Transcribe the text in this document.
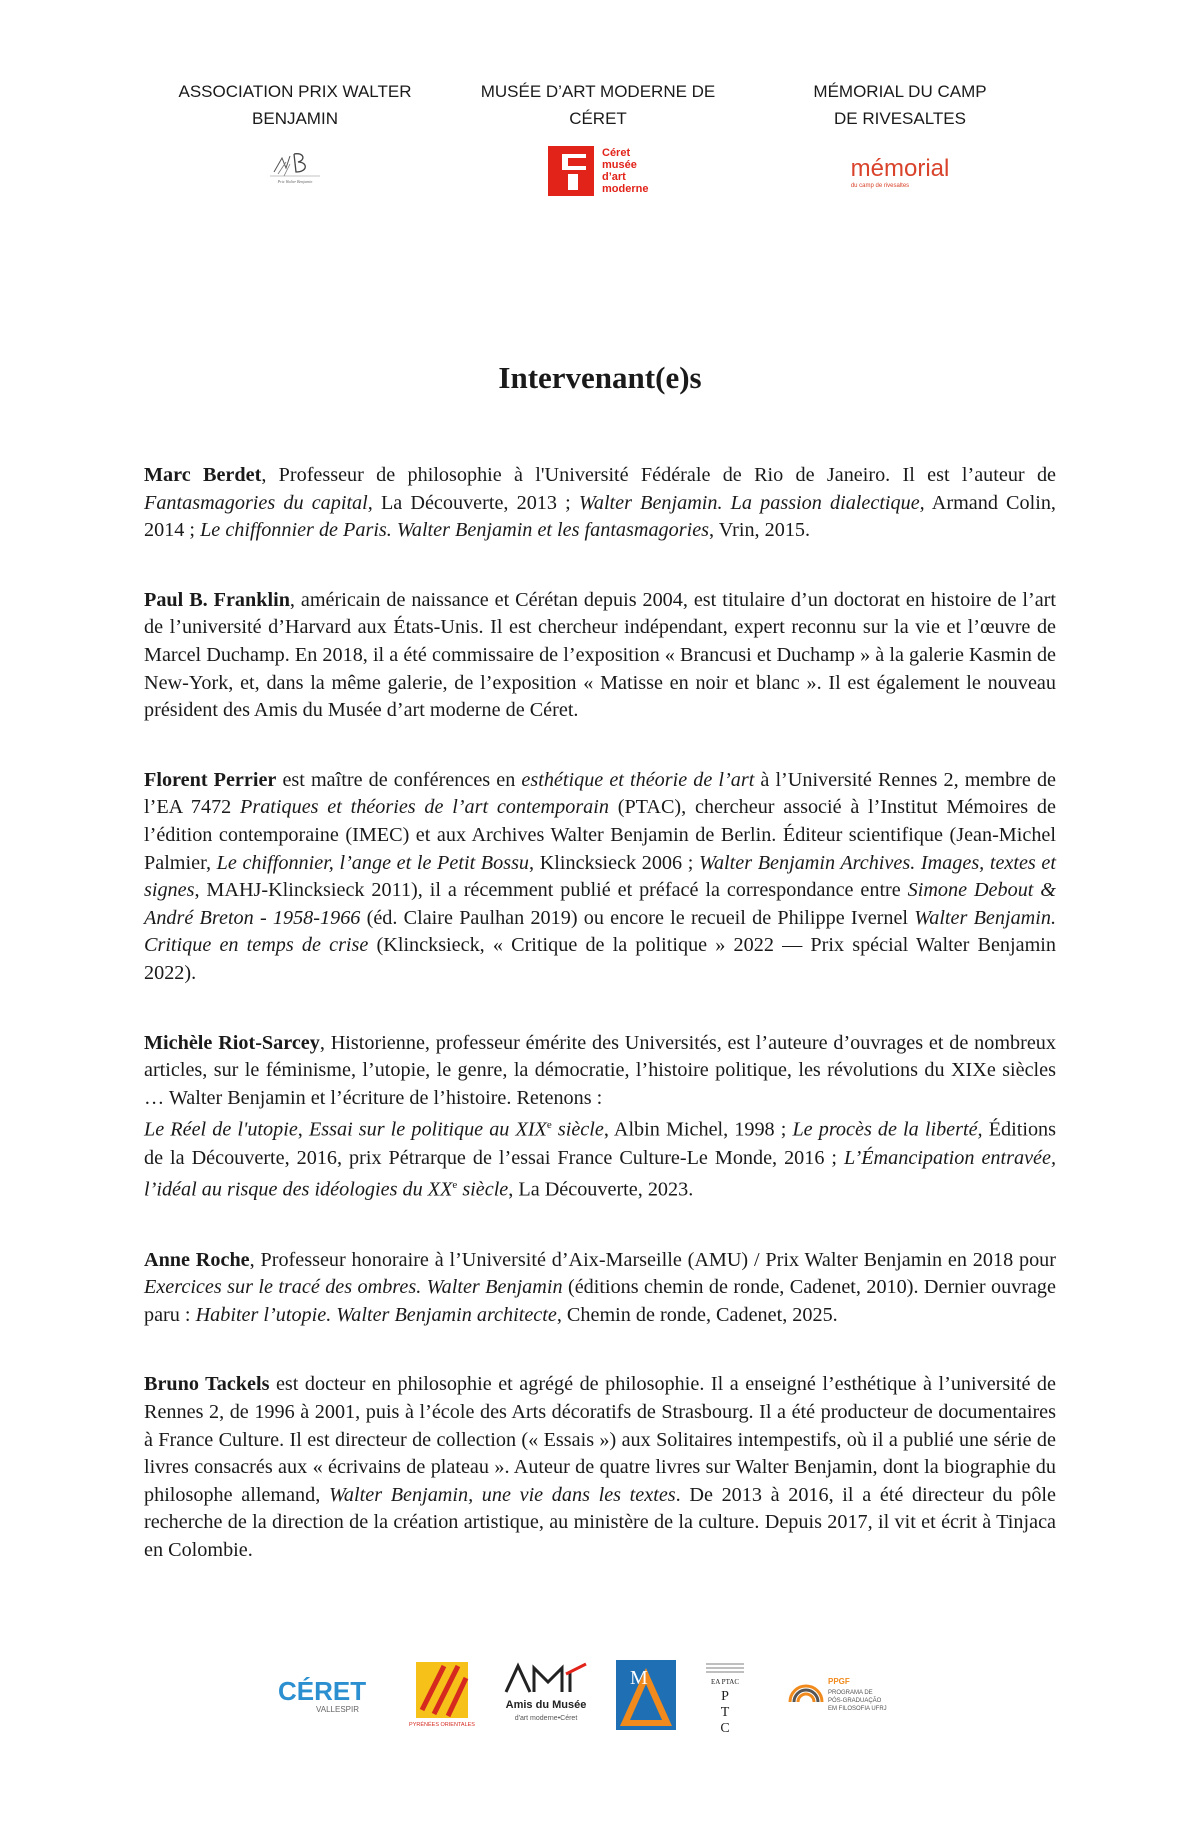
ASSOCIATION PRIX WALTER
BENJAMIN
Prix Walter Benjamin
MUSÉE D’ART MODERNE DE
CÉRET
Céret
musée
d’art
moderne
MÉMORIAL DU CAMP
DE RIVESALTES
mémorial
du camp de rivesaltes
Intervenant(e)s

Marc Berdet, Professeur de philosophie à l'Université Fédérale de Rio de Janeiro. Il est l’auteur de Fantasmagories du capital, La Découverte, 2013 ; Walter Benjamin. La passion dialectique, Armand Colin, 2014 ; Le chiffonnier de Paris. Walter Benjamin et les fantasmagories, Vrin, 2015.

Paul B. Franklin, américain de naissance et Cérétan depuis 2004, est titulaire d’un doctorat en histoire de l’art de l’université d’Harvard aux États-Unis. Il est chercheur indépendant, expert reconnu sur la vie et l’œuvre de Marcel Duchamp. En 2018, il a été commissaire de l’exposition « Brancusi et Duchamp » à la galerie Kasmin de New-York, et, dans la même galerie, de l’exposition « Matisse en noir et blanc ». Il est également le nouveau président des Amis du Musée d’art moderne de Céret.

Florent Perrier est maître de conférences en esthétique et théorie de l’art à l’Université Rennes 2, membre de l’EA 7472 Pratiques et théories de l’art contemporain (PTAC), chercheur associé à l’Institut Mémoires de l’édition contemporaine (IMEC) et aux Archives Walter Benjamin de Berlin. Éditeur scientifique (Jean-Michel Palmier, Le chiffonnier, l’ange et le Petit Bossu, Klincksieck 2006 ; Walter Benjamin Archives. Images, textes et signes, MAHJ-Klincksieck 2011), il a récemment publié et préfacé la correspondance entre Simone Debout & André Breton - 1958-1966 (éd. Claire Paulhan 2019) ou encore le recueil de Philippe Ivernel Walter Benjamin. Critique en temps de crise (Klincksieck, « Critique de la politique » 2022 — Prix spécial Walter Benjamin 2022).

Michèle Riot-Sarcey, Historienne, professeur émérite des Universités, est l’auteure d’ouvrages et de nombreux articles, sur le féminisme, l’utopie, le genre, la démocratie, l’histoire politique, les révolutions du XIXe siècles … Walter Benjamin et l’écriture de l’histoire. Retenons :
Le Réel de l'utopie, Essai sur le politique au XIXe siècle, Albin Michel, 1998 ; Le procès de la liberté, Éditions de la Découverte, 2016, prix Pétrarque de l’essai France Culture-Le Monde, 2016 ; L’Émancipation entravée, l’idéal au risque des idéologies du XXe siècle, La Découverte, 2023.

Anne Roche, Professeur honoraire à l’Université d’Aix-Marseille (AMU) / Prix Walter Benjamin en 2018 pour Exercices sur le tracé des ombres. Walter Benjamin (éditions chemin de ronde, Cadenet, 2010). Dernier ouvrage paru : Habiter l’utopie. Walter Benjamin architecte, Chemin de ronde, Cadenet, 2025.

Bruno Tackels est docteur en philosophie et agrégé de philosophie. Il a enseigné l’esthétique à l’université de Rennes 2, de 1996 à 2001, puis à l’école des Arts décoratifs de Strasbourg. Il a été producteur de documentaires à France Culture. Il est directeur de collection (« Essais ») aux Solitaires intempestifs, où il a publié une série de livres consacrés aux « écrivains de plateau ». Auteur de quatre livres sur Walter Benjamin, dont la biographie du philosophe allemand, Walter Benjamin, une vie dans les textes. De 2013 à 2016, il a été directeur du pôle recherche de la direction de la création artistique, au ministère de la culture. Depuis 2017, il vit et écrit à Tinjaca en Colombie.

CÉRET
VALLESPIR
PYRÉNÉES ORIENTALES
Amis du Musée
d'art moderne•Céret
M	EA PTAC
P
T
C
PPGF
PROGRAMA DE
PÓS-GRADUAÇÃO
EM FILOSOFIA UFRJ
